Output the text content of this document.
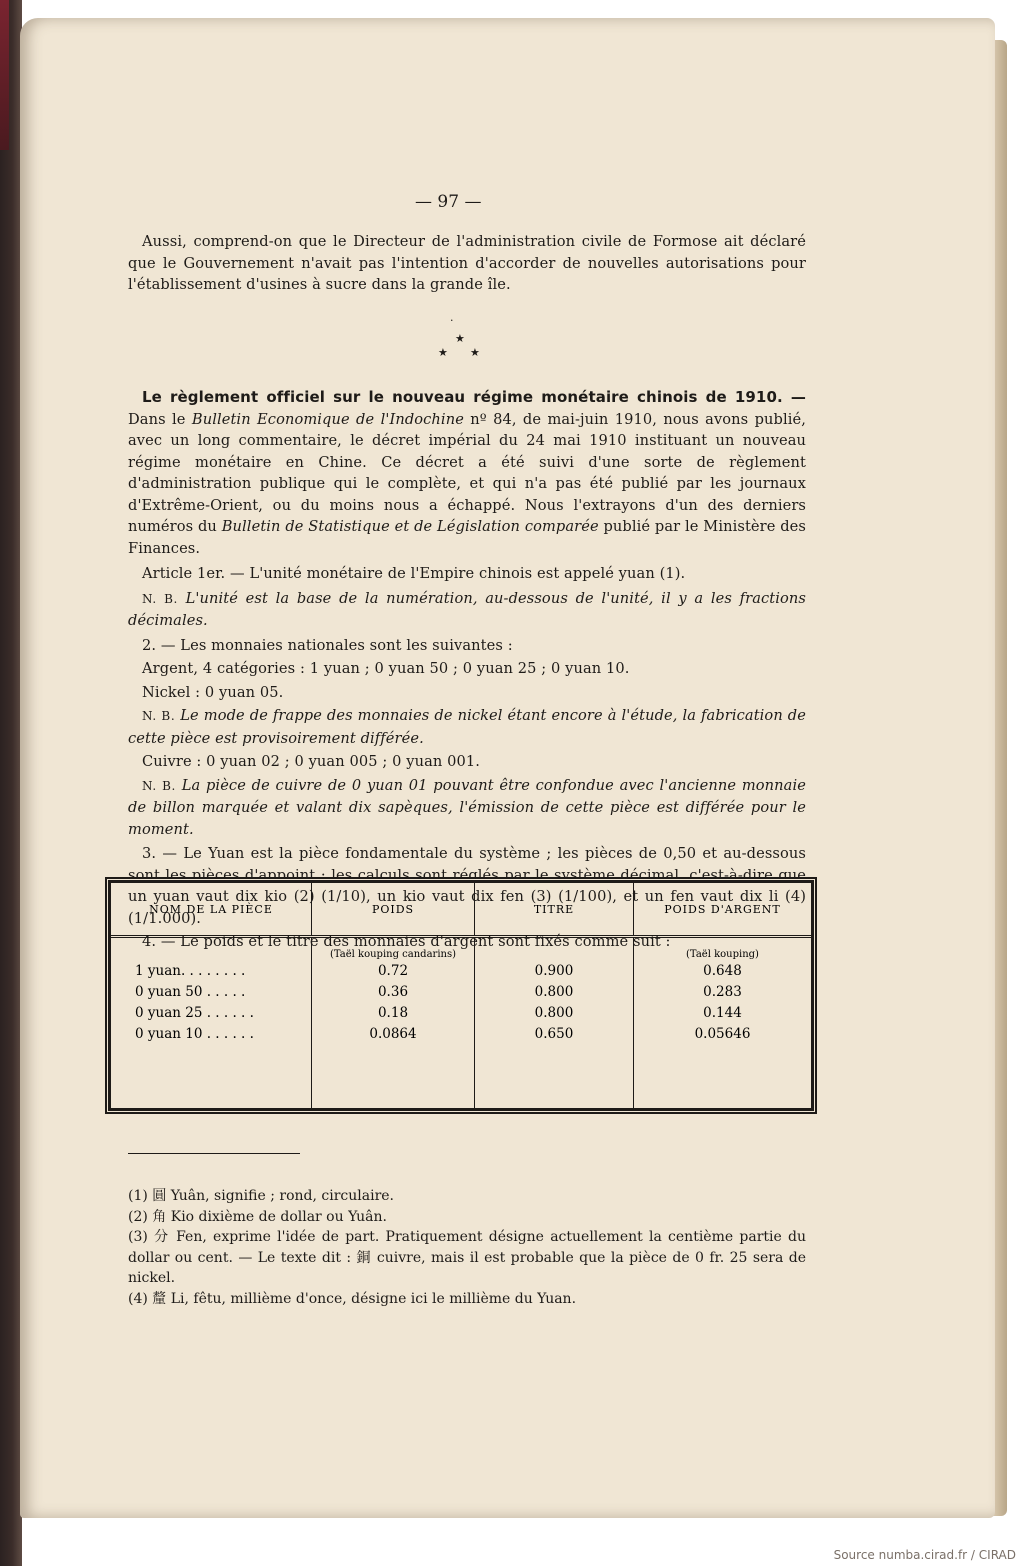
— 97 —

Aussi, comprend-on que le Directeur de l'administration civile de Formose ait déclaré que le Gouvernement n'avait pas l'intention d'accorder de nouvelles autorisations pour l'établissement d'usines à sucre dans la grande île.

·
★
★ ★

Le règlement officiel sur le nouveau régime monétaire chinois de 1910. — Dans le Bulletin Economique de l'Indochine nº 84, de mai-juin 1910, nous avons publié, avec un long commentaire, le décret impérial du 24 mai 1910 instituant un nouveau régime monétaire en Chine. Ce décret a été suivi d'une sorte de règlement d'administration publique qui le complète, et qui n'a pas été publié par les journaux d'Extrême-Orient, ou du moins nous a échappé. Nous l'extrayons d'un des derniers numéros du Bulletin de Statistique et de Législation comparée publié par le Ministère des Finances.

Article 1er. — L'unité monétaire de l'Empire chinois est appelé yuan (1).

N. B. L'unité est la base de la numération, au-dessous de l'unité, il y a les fractions décimales.

2. — Les monnaies nationales sont les suivantes :

Argent, 4 catégories : 1 yuan ; 0 yuan 50 ; 0 yuan 25 ; 0 yuan 10.

Nickel : 0 yuan 05.

N. B. Le mode de frappe des monnaies de nickel étant encore à l'étude, la fabrication de cette pièce est provisoirement différée.

Cuivre : 0 yuan 02 ; 0 yuan 005 ; 0 yuan 001.

N. B. La pièce de cuivre de 0 yuan 01 pouvant être confondue avec l'ancienne monnaie de billon marquée et valant dix sapèques, l'émission de cette pièce est différée pour le moment.

3. — Le Yuan est la pièce fondamentale du système ; les pièces de 0,50 et au-dessous sont les pièces d'appoint ; les calculs sont réglés par le système décimal, c'est-à-dire que un yuan vaut dix kio (2) (1/10), un kio vaut dix fen (3) (1/100), et un fen vaut dix li (4) (1/1.000).

4. — Le poids et le titre des monnaies d'argent sont fixés comme suit :

NOM DE LA PIÈCE	POIDS	TITRE	POIDS D'ARGENT
	(Taël kouping candarins)		(Taël kouping)
1 yuan. . . . . . . .	0.72	0.900	0.648
0 yuan 50 . . . . .	0.36	0.800	0.283
0 yuan 25 . . . . . .	0.18	0.800	0.144
0 yuan 10 . . . . . .	0.0864	0.650	0.05646

(1) 圓 Yuân, signifie ; rond, circulaire.

(2) 角 Kio dixième de dollar ou Yuân.

(3) 分 Fen, exprime l'idée de part. Pratiquement désigne actuellement la centième partie du dollar ou cent. — Le texte dit : 銅 cuivre, mais il est probable que la pièce de 0 fr. 25 sera de nickel.

(4) 釐 Li, fêtu, millième d'once, désigne ici le millième du Yuan.

Source numba.cirad.fr / CIRAD
